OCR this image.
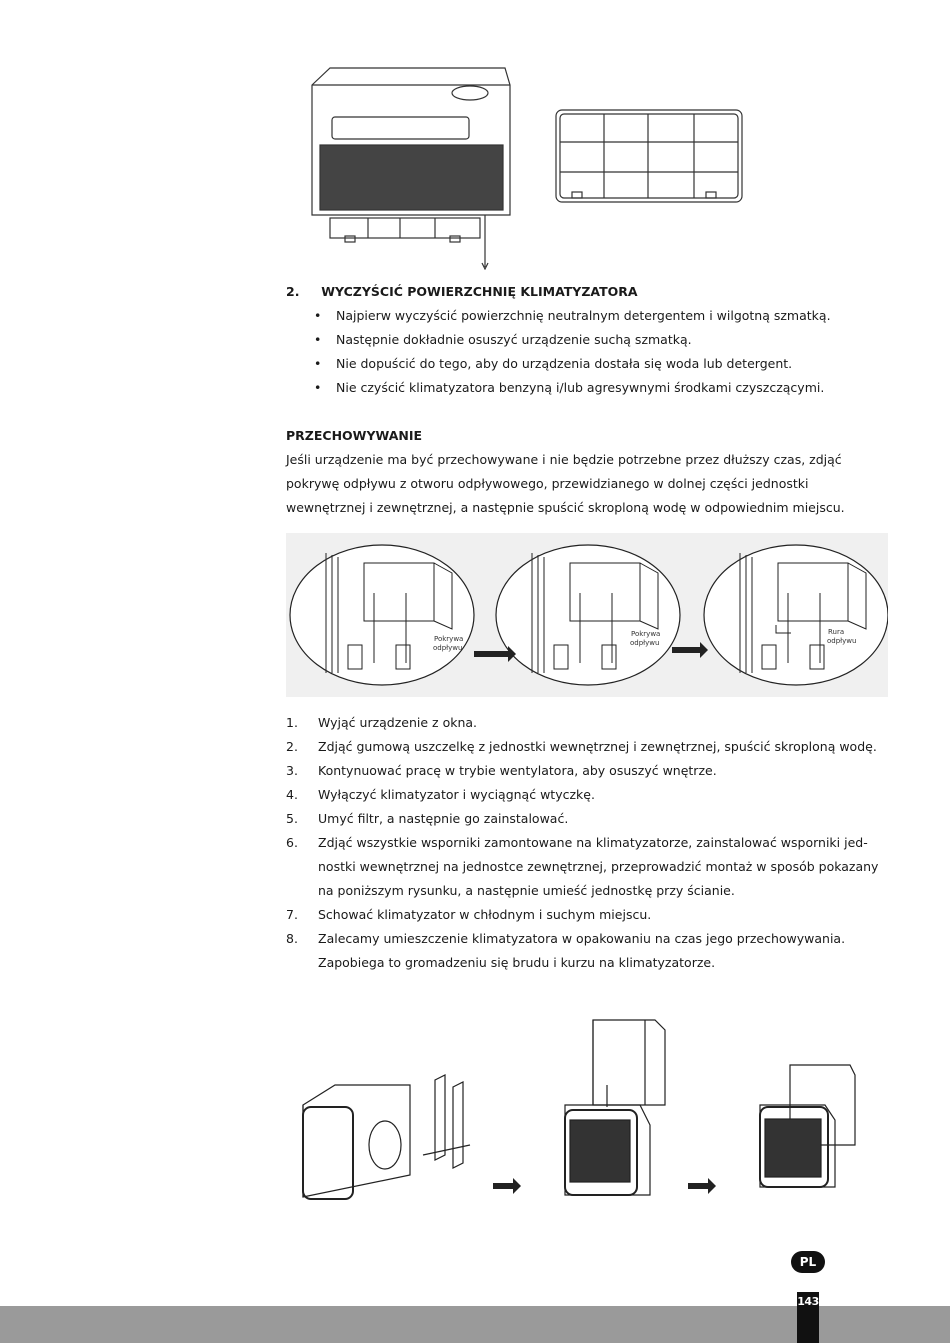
2.     WYCZYŚCIĆ POWIERZCHNIĘ KLIMATYZATORA
• Najpierw wyczyścić powierzchnię neutralnym detergentem i wilgotną szmatką.
• Następnie dokładnie osuszyć urządzenie suchą szmatką.
• Nie dopuścić do tego, aby do urządzenia dostała się woda lub detergent.
• Nie czyścić klimatyzatora benzyną i/lub agresywnymi środkami czyszczącymi.
PRZECHOWYWANIE
Jeśli urządzenie ma być przechowywane i nie będzie potrzebne przez dłuższy czas, zdjąć
pokrywę odpływu z otworu odpływowego, przewidzianego w dolnej części jednostki
wewnętrznej i zewnętrznej, a następnie spuścić skroploną wodę w odpowiednim miejscu.
Pokrywa
odpływu
Pokrywa
odpływu
Rura
odpływu
1.	Wyjąć urządzenie z okna.
2.	Zdjąć gumową uszczelkę z jednostki wewnętrznej i zewnętrznej, spuścić skroploną wodę.
3.	Kontynuować pracę w trybie wentylatora, aby osuszyć wnętrze.
4.	Wyłączyć klimatyzator i wyciągnąć wtyczkę.
5.	Umyć filtr, a następnie go zainstalować.
6.	Zdjąć wszystkie wsporniki zamontowane na klimatyzatorze, zainstalować wsporniki jed-
nostki wewnętrznej na jednostce zewnętrznej, przeprowadzić montaż w sposób pokazany
na poniższym rysunku, a następnie umieść jednostkę przy ścianie.
7.	Schować klimatyzator w chłodnym i suchym miejscu.
8.	Zalecamy umieszczenie klimatyzatora w opakowaniu na czas jego przechowywania.
Zapobiega to gromadzeniu się brudu i kurzu na klimatyzatorze.
PL
143
